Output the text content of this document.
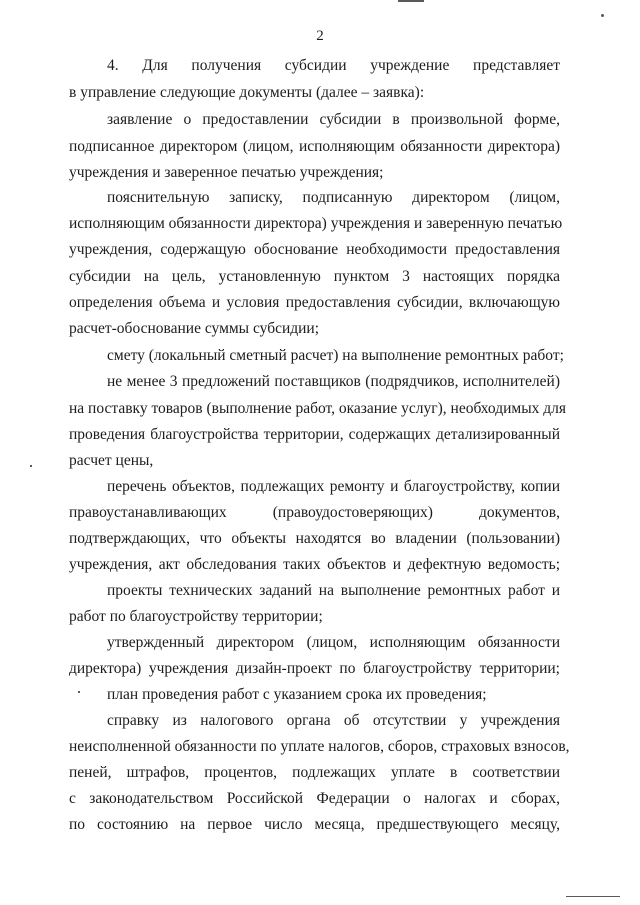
2
4. Для получения субсидии учреждение представляет
в управление следующие документы (далее – заявка):
заявление о предоставлении субсидии в произвольной форме,
подписанное директором (лицом, исполняющим обязанности директора)
учреждения и заверенное печатью учреждения;
пояснительную записку, подписанную директором (лицом,
исполняющим обязанности директора) учреждения и заверенную печатью
учреждения, содержащую обоснование необходимости предоставления
субсидии на цель, установленную пунктом 3 настоящих порядка
определения объема и условия предоставления субсидии, включающую
расчет-обоснование суммы субсидии;
смету (локальный сметный расчет) на выполнение ремонтных работ;
не менее 3 предложений поставщиков (подрядчиков, исполнителей)
на поставку товаров (выполнение работ, оказание услуг), необходимых для
проведения благоустройства территории, содержащих детализированный
расчет цены,
перечень объектов, подлежащих ремонту и благоустройству, копии
правоустанавливающих (правоудостоверяющих) документов,
подтверждающих, что объекты находятся во владении (пользовании)
учреждения, акт обследования таких объектов и дефектную ведомость;
проекты технических заданий на выполнение ремонтных работ и
работ по благоустройству территории;
утвержденный директором (лицом, исполняющим обязанности
директора) учреждения дизайн-проект по благоустройству территории;
план проведения работ с указанием срока их проведения;
справку из налогового органа об отсутствии у учреждения
неисполненной обязанности по уплате налогов, сборов, страховых взносов,
пеней, штрафов, процентов, подлежащих уплате в соответствии
с законодательством Российской Федерации о налогах и сборах,
по состоянию на первое число месяца, предшествующего месяцу,
